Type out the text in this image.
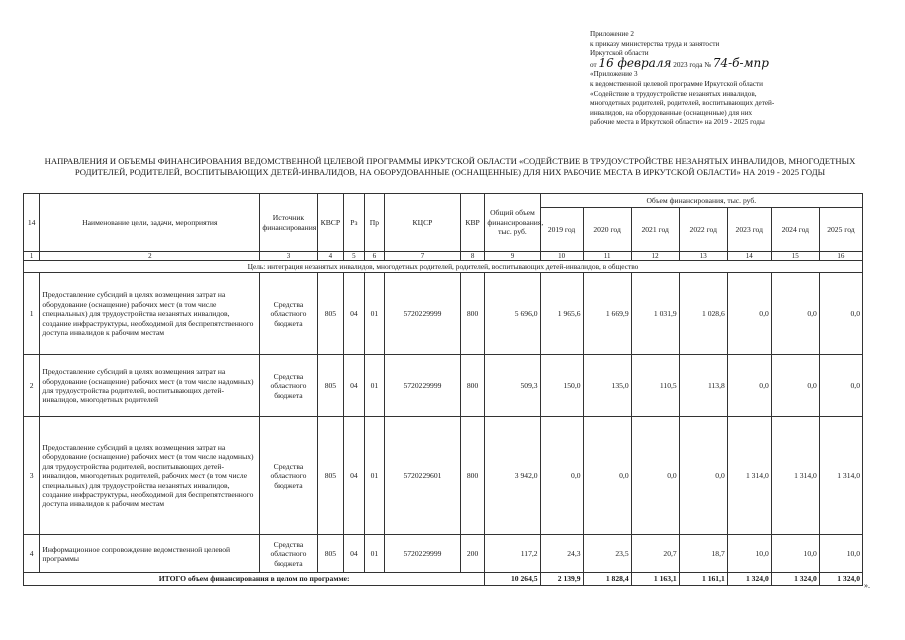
Приложение 2
к приказу министерства труда и занятости
Иркутской области
от 16 февраля 2023 года № 74-б-мпр
«Приложение 3
к ведомственной целевой программе Иркутской области
«Содействие в трудоустройстве незанятых инвалидов,
многодетных родителей, родителей, воспитывающих детей-
инвалидов, на оборудованные (оснащенные) для них
рабочие места в Иркутской области» на 2019 - 2025 годы
НАПРАВЛЕНИЯ И ОБЪЕМЫ ФИНАНСИРОВАНИЯ ВЕДОМСТВЕННОЙ ЦЕЛЕВОЙ ПРОГРАММЫ ИРКУТСКОЙ ОБЛАСТИ «СОДЕЙСТВИЕ В ТРУДОУСТРОЙСТВЕ НЕЗАНЯТЫХ ИНВАЛИДОВ, МНОГОДЕТНЫХ РОДИТЕЛЕЙ, РОДИТЕЛЕЙ, ВОСПИТЫВАЮЩИХ ДЕТЕЙ-ИНВАЛИДОВ, НА ОБОРУДОВАННЫЕ (ОСНАЩЕННЫЕ) ДЛЯ НИХ РАБОЧИЕ МЕСТА В ИРКУТСКОЙ ОБЛАСТИ» НА 2019 - 2025 ГОДЫ
14	Наименование цели, задачи, мероприятия	Источник финансирования	КВСР	Рз	Пр	КЦСР	КВР	Общий объем финансирования, тыс. руб.	Объем финансирования, тыс. руб.						
									2019 год	2020 год	2021 год	2022 год	2023 год	2024 год	2025 год
1	2	3	4	5	6	7	8	9	10	11	12	13	14	15	16
Цель: интеграция незанятых инвалидов, многодетных родителей, родителей, воспитывающих детей-инвалидов, в общество															
1	Предоставление субсидий в целях возмещения затрат на оборудование (оснащение) рабочих мест (в том числе специальных) для трудоустройства незанятых инвалидов, создание инфраструктуры, необходимой для беспрепятственного доступа инвалидов к рабочим местам	Средства областного бюджета	805	04	01	5720229999	800	5 696,0	1 965,6	1 669,9	1 031,9	1 028,6	0,0	0,0	0,0
2	Предоставление субсидий в целях возмещения затрат на оборудование (оснащение) рабочих мест (в том числе надомных) для трудоустройства родителей, воспитывающих детей-инвалидов, многодетных родителей	Средства областного бюджета	805	04	01	5720229999	800	509,3	150,0	135,0	110,5	113,8	0,0	0,0	0,0
3	Предоставление субсидий в целях возмещения затрат на оборудование (оснащение) рабочих мест (в том числе надомных) для трудоустройства родителей, воспитывающих детей-инвалидов, многодетных родителей, рабочих мест (в том числе специальных) для трудоустройства незанятых инвалидов, создание инфраструктуры, необходимой для беспрепятственного доступа инвалидов к рабочим местам	Средства областного бюджета	805	04	01	5720229601	800	3 942,0	0,0	0,0	0,0	0,0	1 314,0	1 314,0	1 314,0
4	Информационное сопровождение ведомственной целевой программы	Средства областного бюджета	805	04	01	5720229999	200	117,2	24,3	23,5	20,7	18,7	10,0	10,0	10,0
ИТОГО объем финансирования в целом по программе:								10 264,5	2 139,9	1 828,4	1 163,1	1 161,1	1 324,0	1 324,0	1 324,0
».
